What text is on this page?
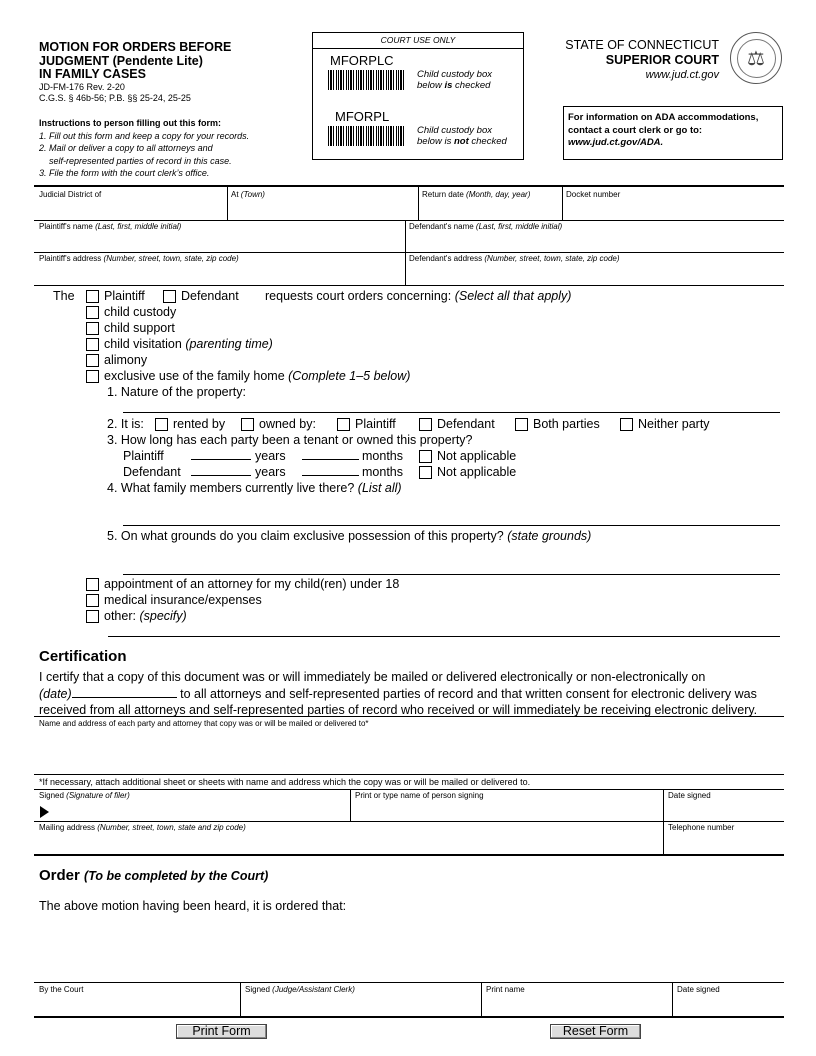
MOTION FOR ORDERS BEFORE
JUDGMENT (Pendente Lite)
IN FAMILY CASES
JD-FM-176 Rev. 2-20
C.G.S. § 46b-56; P.B. §§ 25-24, 25-25
Instructions to person filling out this form:
1. Fill out this form and keep a copy for your records.
2. Mail or deliver a copy to all attorneys and
self-represented parties of record in this case.
3. File the form with the court clerk’s office.
COURT USE ONLY
MFORPLC
Child custody box
below is checked
MFORPL
Child custody box
below is not checked
STATE OF CONNECTICUT
SUPERIOR COURT
www.jud.ct.gov
⚖
For information on ADA accommodations,
contact a court clerk or go to:
www.jud.ct.gov/ADA.
Judicial District of	At (Town)	Return date (Month, day, year)	Docket number
Plaintiff's name (Last, first, middle initial)	Defendant's name (Last, first, middle initial)
Plaintiff's address (Number, street, town, state, zip code)	Defendant's address (Number, street, town, state, zip code)
The Plaintiff	Defendant requests court orders concerning: (Select all that apply)
child custody
child support
child visitation (parenting time)
alimony
exclusive use of the family home (Complete 1–5 below)
1. Nature of the property:
2. It is: rented by	owned by:	Plaintiff	Defendant	Both parties	Neither party
3. How long has each party been a tenant or owned this property?
Plaintiff	years	months	Not applicable
Defendant	years	months	Not applicable
4. What family members currently live there? (List all)
5. On what grounds do you claim exclusive possession of this property? (state grounds)
appointment of an attorney for my child(ren) under 18
medical insurance/expenses
other: (specify)
Certification
I certify that a copy of this document was or will immediately be mailed or delivered electronically or non-electronically on
(date)	to all attorneys and self-represented parties of record and that written consent for electronic delivery was
received from all attorneys and self-represented parties of record who received or will immediately be receiving electronic delivery.
Name and address of each party and attorney that copy was or will be mailed or delivered to*
*If necessary, attach additional sheet or sheets with name and address which the copy was or will be mailed or delivered to.
Signed (Signature of filer)	Print or type name of person signing	Date signed
Mailing address (Number, street, town, state and zip code)	Telephone number
Order (To be completed by the Court)
The above motion having been heard, it is ordered that:
By the Court	Signed (Judge/Assistant Clerk)	Print name	Date signed
Print Form	Reset Form
